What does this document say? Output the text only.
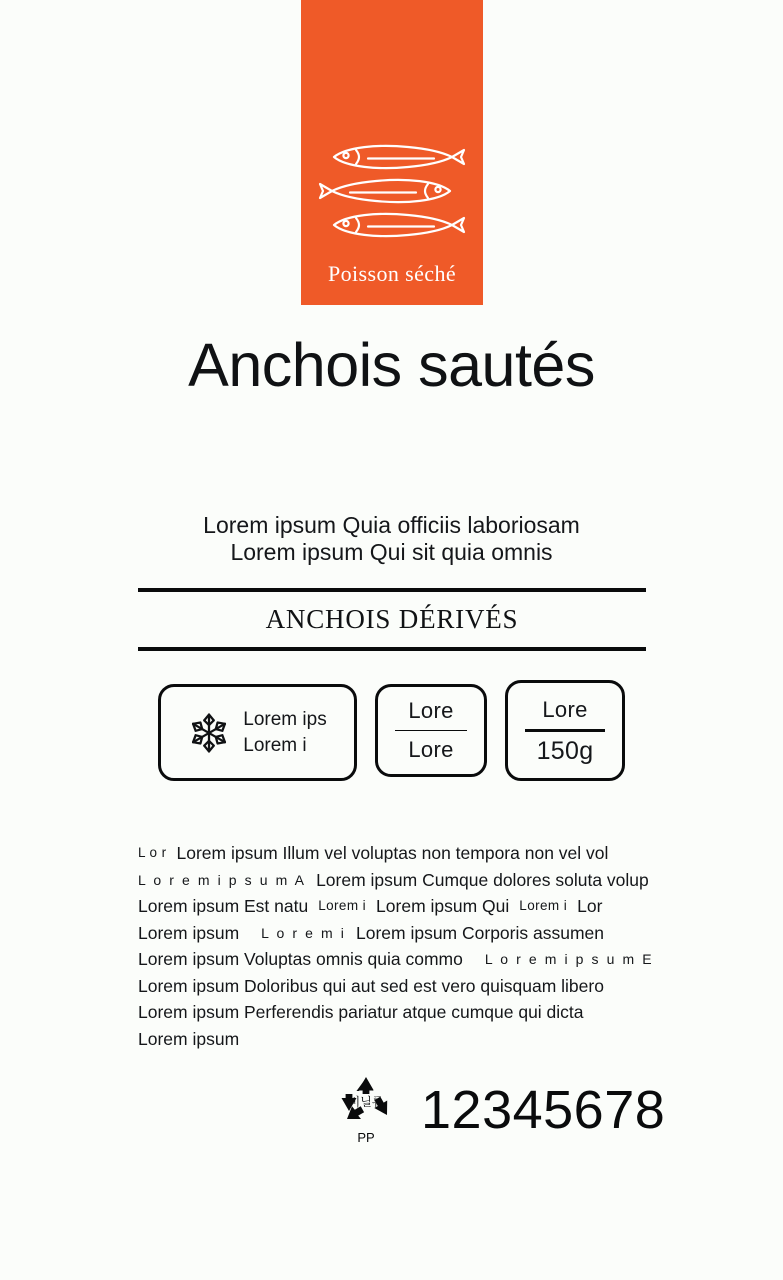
Poisson séché
Anchois sautés
Lorem ipsum Quia officiis laboriosam
Lorem ipsum Qui sit quia omnis
ANCHOIS DÉRIVÉS
Lorem ips
Lorem i	$\frac{\text{Lore}}{\text{Lore}} \frac{\text{Lore}}{150g}$
L o r Lorem ipsum Illum vel voluptas non tempora non vel vol
L o r e m i p s u m A Lorem ipsum Cumque dolores soluta volup
Lorem ipsum Est natu Lorem i Lorem ipsum Qui Lorem i Lor
Lorem ipsum L o r e m i Lorem ipsum Corporis assumen
Lorem ipsum Voluptas omnis quia commo L o r e m i p s u m E
Lorem ipsum Doloribus qui aut sed est vero quisquam libero
Lorem ipsum Perferendis pariatur atque cumque qui dicta
Lorem ipsum
비닐류
PP 12345678
